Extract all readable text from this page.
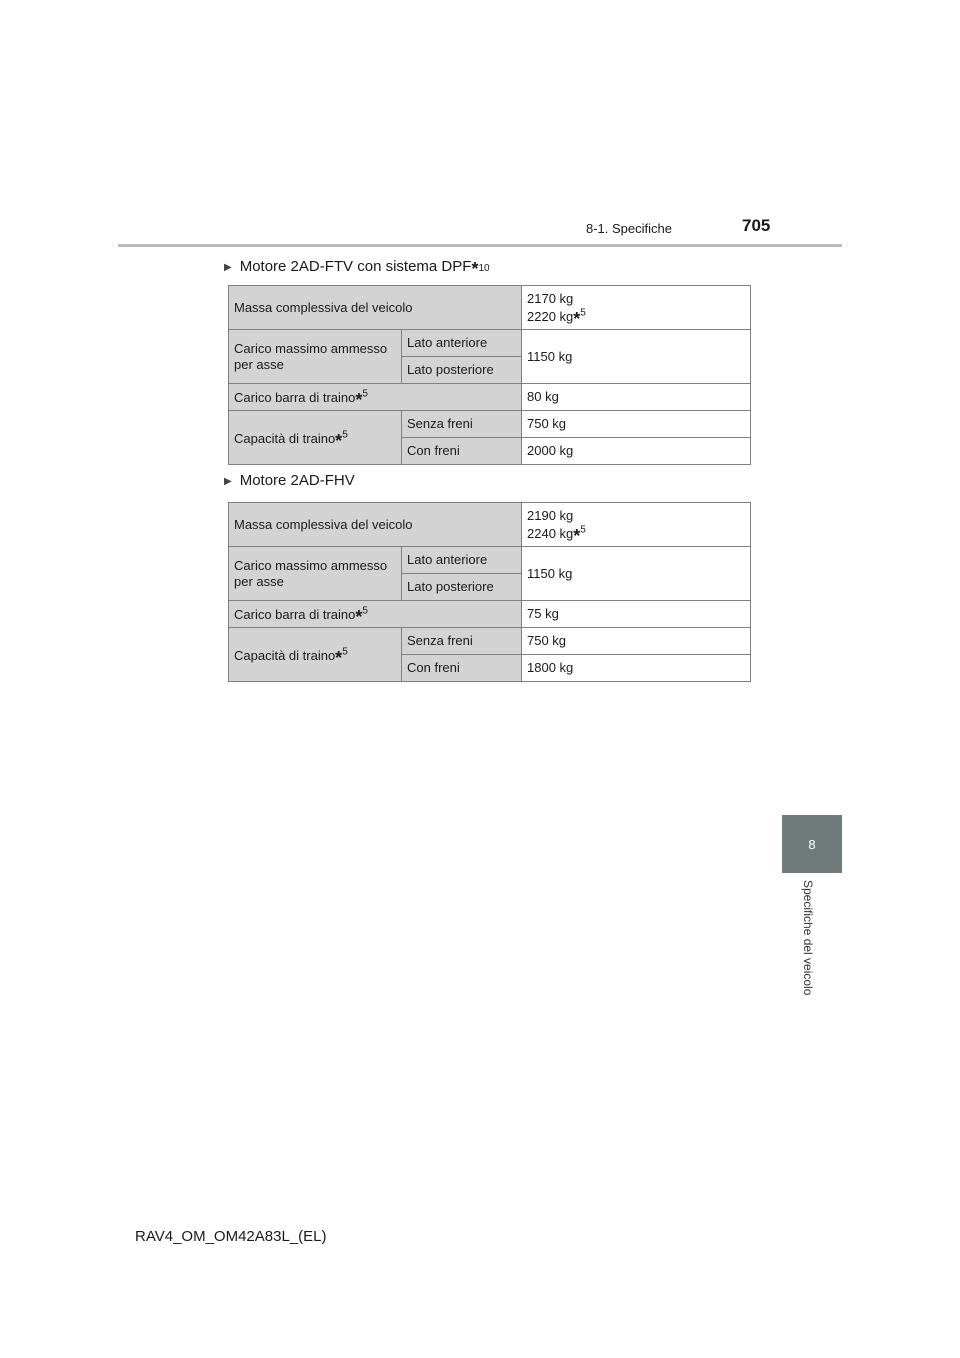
8-1. Specifiche	705
▶ Motore 2AD-FTV con sistema DPF * 10
Massa complessiva del veicolo		2170 kg
2220 kg*$^5$

Carico massimo ammesso per asse	Lato anteriore	1150 kg
	Lato posteriore	
Carico barra di traino*$^5$		80 kg
Capacità di traino*$^5$	Senza freni	750 kg
	Con freni	2000 kg
▶ Motore 2AD-FHV
Massa complessiva del veicolo		2190 kg
2240 kg*$^5$

Carico massimo ammesso per asse	Lato anteriore	1150 kg
	Lato posteriore	
Carico barra di traino*$^5$		75 kg
Capacità di traino*$^5$	Senza freni	750 kg
	Con freni	1800 kg
8
Specifiche del veicolo
RAV4_OM_OM42A83L_(EL)
